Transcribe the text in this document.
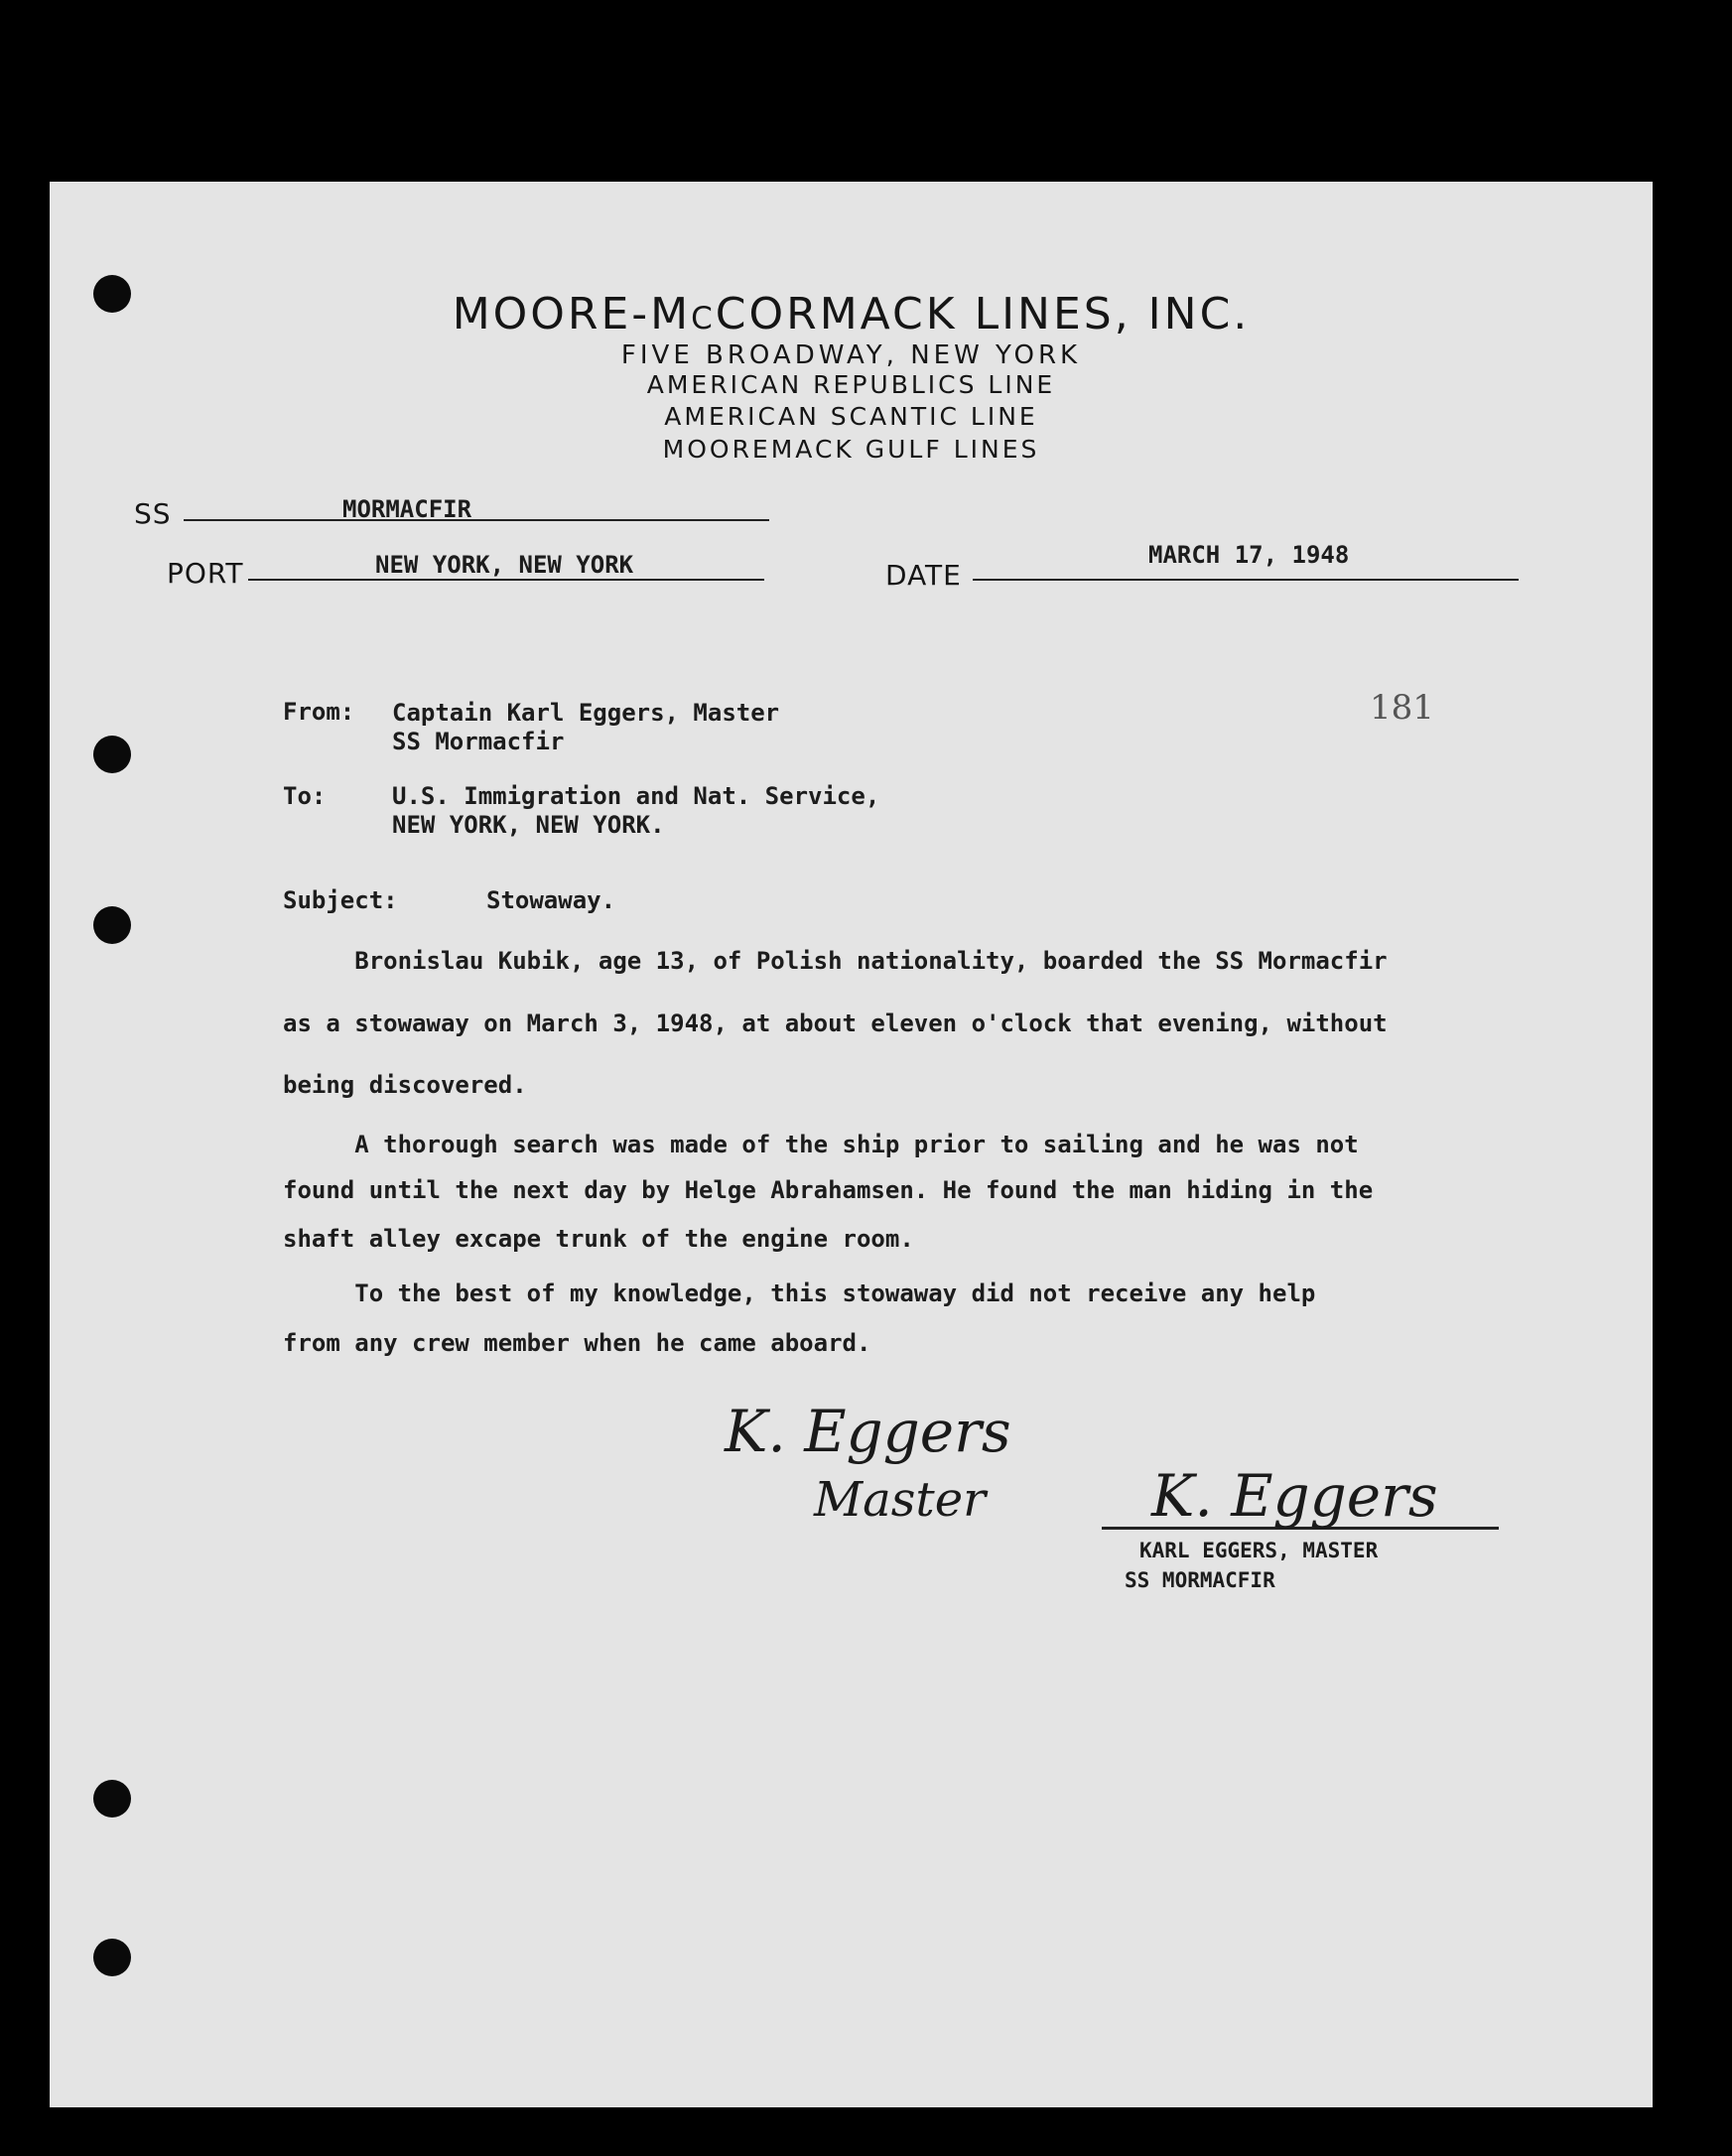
MOORE-McCORMACK LINES, INC.
FIVE BROADWAY, NEW YORK
AMERICAN REPUBLICS LINE
AMERICAN SCANTIC LINE
MOOREMACK GULF LINES
SS	MORMACFIR
PORT	NEW YORK, NEW YORK	DATE
MARCH 17, 1948
181
From: Captain Karl Eggers, Master
SS Mormacfir
To:	U.S. Immigration and Nat. Service,
NEW YORK, NEW YORK.
Subject:	Stowaway.
Bronislau Kubik, age 13, of Polish nationality, boarded the SS Mormacfir
as a stowaway on March 3, 1948, at about eleven o'clock that evening, without
being discovered.
A thorough search was made of the ship prior to sailing and he was not
found until the next day by Helge Abrahamsen. He found the man hiding in the
shaft alley excape trunk of the engine room.
To the best of my knowledge, this stowaway did not receive any help
from any crew member when he came aboard.
K. Eggers
Master	K. Eggers
KARL EGGERS, MASTER
SS MORMACFIR
